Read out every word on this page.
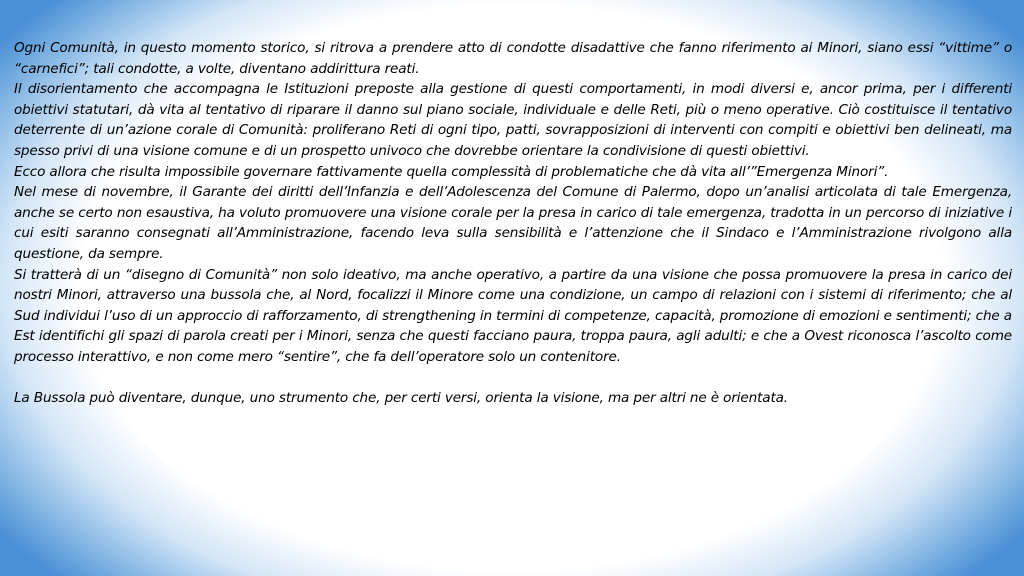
Ogni Comunità, in questo momento storico, si ritrova a prendere atto di condotte disadattive che fanno riferimento ai Minori, siano essi “vittime” o “carnefici”; tali condotte, a volte, diventano addirittura reati.

Il disorientamento che accompagna le Istituzioni preposte alla gestione di questi comportamenti, in modi diversi e, ancor prima, per i differenti obiettivi statutari, dà vita al tentativo di riparare il danno sul piano sociale, individuale e delle Reti, più o meno operative. Ciò costituisce il tentativo deterrente di un’azione corale di Comunità: proliferano Reti di ogni tipo, patti, sovrapposizioni di interventi con compiti e obiettivi ben delineati, ma spesso privi di una visione comune e di un prospetto univoco che dovrebbe orientare la condivisione di questi obiettivi.

Ecco allora che risulta impossibile governare fattivamente quella complessità di problematiche che dà vita all’”Emergenza Minori”.

Nel mese di novembre, il Garante dei diritti dell’Infanzia e dell’Adolescenza del Comune di Palermo, dopo un’analisi articolata di tale Emergenza, anche se certo non esaustiva, ha voluto promuovere una visione corale per la presa in carico di tale emergenza, tradotta in un percorso di iniziative i cui esiti saranno consegnati all’Amministrazione, facendo leva sulla sensibilità e l’attenzione che il Sindaco e l’Amministrazione rivolgono alla questione, da sempre.

Si tratterà di un “disegno di Comunità” non solo ideativo, ma anche operativo, a partire da una visione che possa promuovere la presa in carico dei nostri Minori, attraverso una bussola che, al Nord, focalizzi il Minore come una condizione, un campo di relazioni con i sistemi di riferimento; che al Sud individui l’uso di un approccio di rafforzamento, di strengthening in termini di competenze, capacità, promozione di emozioni e sentimenti; che a Est identifichi gli spazi di parola creati per i Minori, senza che questi facciano paura, troppa paura, agli adulti; e che a Ovest riconosca l’ascolto come processo interattivo, e non come mero “sentire”, che fa dell’operatore solo un contenitore.

La Bussola può diventare, dunque, uno strumento che, per certi versi, orienta la visione, ma per altri ne è orientata.
